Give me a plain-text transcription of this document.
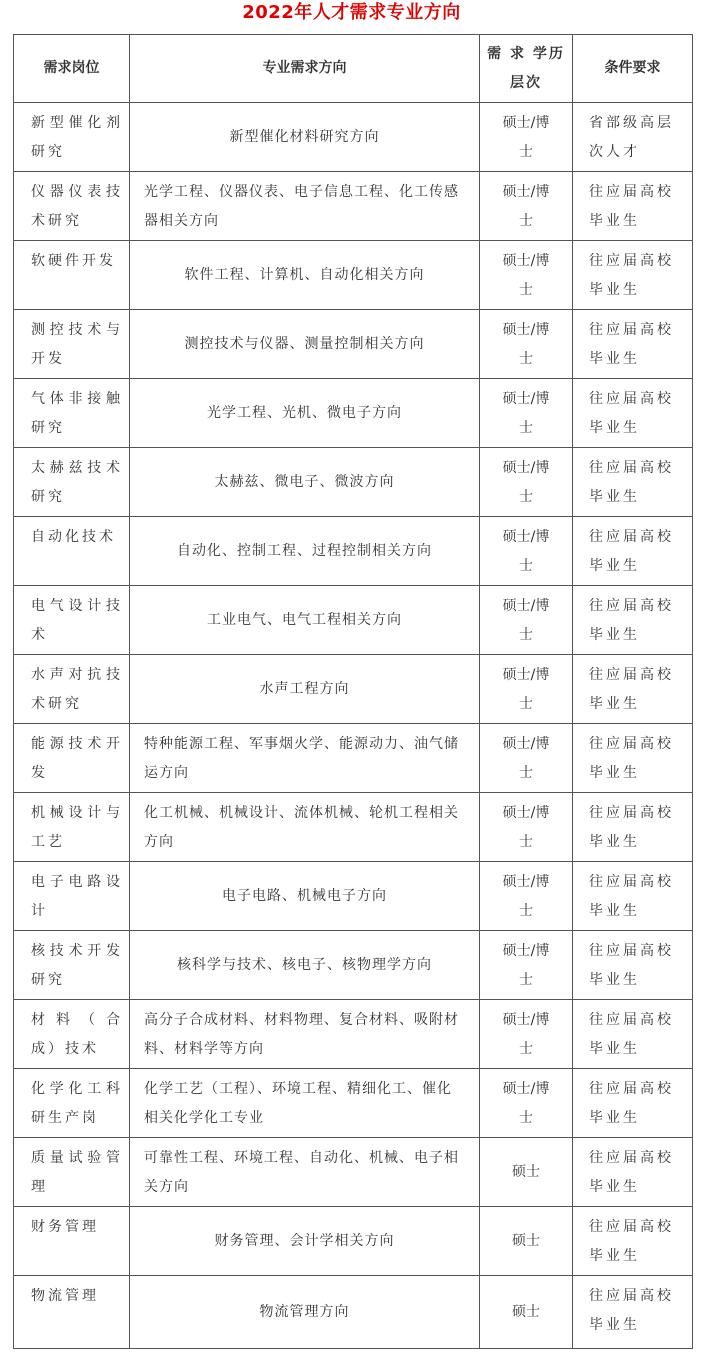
2022年人才需求专业方向
需求岗位	专业需求方向	需 求 学历层次	条件要求
新型催化剂研究	新型催化材料研究方向	硕士/博士	省部级高层次人才
仪器仪表技术研究	光学工程、仪器仪表、电子信息工程、化工传感器相关方向	硕士/博士	往应届高校毕业生
软硬件开发	软件工程、计算机、自动化相关方向	硕士/博士	往应届高校毕业生
测控技术与开发	测控技术与仪器、测量控制相关方向	硕士/博士	往应届高校毕业生
气体非接触研究	光学工程、光机、微电子方向	硕士/博士	往应届高校毕业生
太赫兹技术研究	太赫兹、微电子、微波方向	硕士/博士	往应届高校毕业生
自动化技术	自动化、控制工程、过程控制相关方向	硕士/博士	往应届高校毕业生
电气设计技术	工业电气、电气工程相关方向	硕士/博士	往应届高校毕业生
水声对抗技术研究	水声工程方向	硕士/博士	往应届高校毕业生
能源技术开发	特种能源工程、军事烟火学、能源动力、油气储运方向	硕士/博士	往应届高校毕业生
机械设计与工艺	化工机械、机械设计、流体机械、轮机工程相关方向	硕士/博士	往应届高校毕业生
电子电路设计	电子电路、机械电子方向	硕士/博士	往应届高校毕业生
核技术开发研究	核科学与技术、核电子、核物理学方向	硕士/博士	往应届高校毕业生
材料（合成）技术	高分子合成材料、材料物理、复合材料、吸附材料、材料学等方向	硕士/博士	往应届高校毕业生
化学化工科研生产岗	化学工艺（工程）、环境工程、精细化工、催化相关化学化工专业	硕士/博士	往应届高校毕业生
质量试验管理	可靠性工程、环境工程、自动化、机械、电子相关方向	硕士	往应届高校毕业生
财务管理	财务管理、会计学相关方向	硕士	往应届高校毕业生
物流管理	物流管理方向	硕士	往应届高校毕业生
